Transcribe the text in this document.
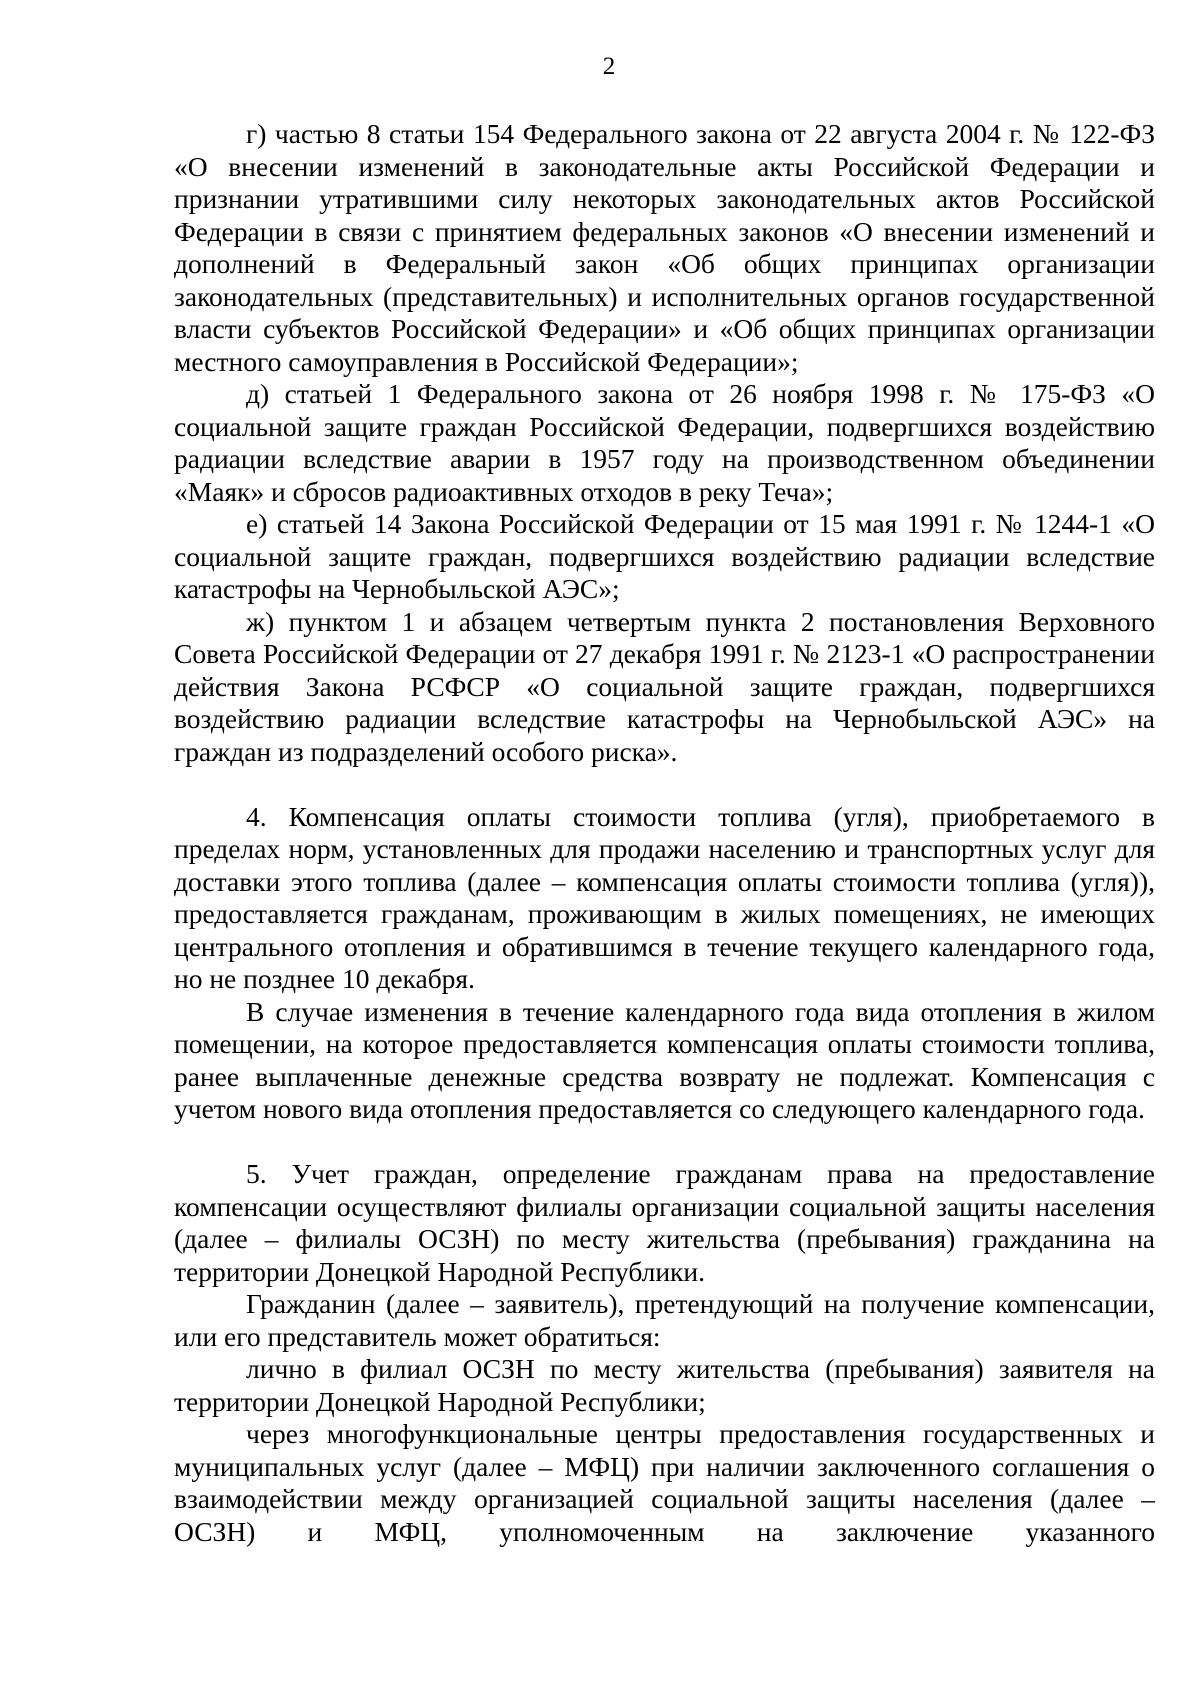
2

г) частью 8 статьи 154 Федерального закона от 22 августа 2004 г. № 122-ФЗ «О внесении изменений в законодательные акты Российской Федерации и признании утратившими силу некоторых законодательных актов Российской Федерации в связи с принятием федеральных законов «О внесении изменений и дополнений в Федеральный закон «Об общих принципах организации законодательных (представительных) и исполнительных органов государственной власти субъектов Российской Федерации» и «Об общих принципах организации местного самоуправления в Российской Федерации»;

д) статьей 1 Федерального закона от 26 ноября 1998 г. № 175-ФЗ «О социальной защите граждан Российской Федерации, подвергшихся воздействию радиации вследствие аварии в 1957 году на производственном объединении «Маяк» и сбросов радиоактивных отходов в реку Теча»;

е) статьей 14 Закона Российской Федерации от 15 мая 1991 г. № 1244-1 «О социальной защите граждан, подвергшихся воздействию радиации вследствие катастрофы на Чернобыльской АЭС»;

ж) пунктом 1 и абзацем четвертым пункта 2 постановления Верховного Совета Российской Федерации от 27 декабря 1991 г. № 2123-1 «О распространении действия Закона РСФСР «О социальной защите граждан, подвергшихся воздействию радиации вследствие катастрофы на Чернобыльской АЭС» на граждан из подразделений особого риска».

4. Компенсация оплаты стоимости топлива (угля), приобретаемого в пределах норм, установленных для продажи населению и транспортных услуг для доставки этого топлива (далее – компенсация оплаты стоимости топлива (угля)), предоставляется гражданам, проживающим в жилых помещениях, не имеющих центрального отопления и обратившимся в течение текущего календарного года, но не позднее 10 декабря.

В случае изменения в течение календарного года вида отопления в жилом помещении, на которое предоставляется компенсация оплаты стоимости топлива, ранее выплаченные денежные средства возврату не подлежат. Компенсация с учетом нового вида отопления предоставляется со следующего календарного года.

5. Учет граждан, определение гражданам права на предоставление компенсации осуществляют филиалы организации социальной защиты населения (далее – филиалы ОСЗН) по месту жительства (пребывания) гражданина на территории Донецкой Народной Республики.

Гражданин (далее – заявитель), претендующий на получение компенсации, или его представитель может обратиться:

лично в филиал ОСЗН по месту жительства (пребывания) заявителя на территории Донецкой Народной Республики;

через многофункциональные центры предоставления государственных и муниципальных услуг (далее – МФЦ) при наличии заключенного соглашения о взаимодействии между организацией социальной защиты населения (далее – ОСЗН) и МФЦ, уполномоченным на заключение указанного
